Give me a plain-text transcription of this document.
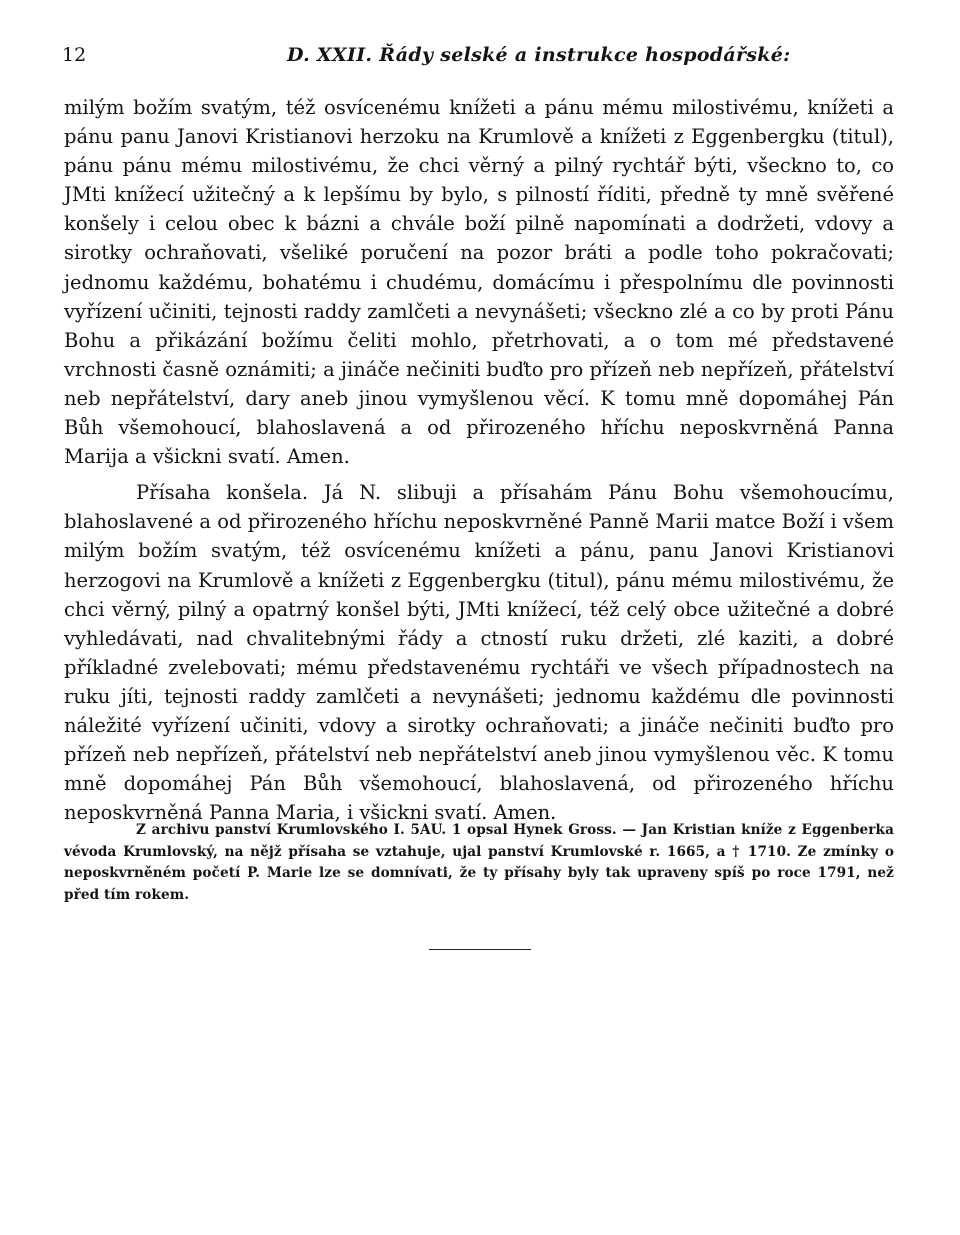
12	D. XXII. Řády selské a instrukce hospodářské:

milým božím svatým, též osvícenému knížeti a pánu mému milostivému, knížeti a pánu panu Janovi Kristianovi herzoku na Krumlově a knížeti z Eggenbergku (titul), pánu pánu mému milostivému, že chci věrný a pilný rychtář býti, všeckno to, co JMti knížecí užitečný a k lepšímu by bylo, s pilností říditi, předně ty mně svěřené konšely i celou obec k bázni a chvále boží pilně napomínati a dodržeti, vdovy a sirotky ochraňovati, všeliké poručení na pozor bráti a podle toho pokračovati; jednomu každému, bohatému i chudému, domácímu i přespolnímu dle povinnosti vyřízení učiniti, tejnosti raddy zamlčeti a nevynášeti; všeckno zlé a co by proti Pánu Bohu a přikázání božímu čeliti mohlo, přetrhovati, a o tom mé představené vrchnosti časně oznámiti; a jináče nečiniti buďto pro přízeň neb nepřízeň, přátelství neb nepřátelství, dary aneb jinou vymyšlenou věcí. K tomu mně dopomáhej Pán Bůh všemohoucí, blahoslavená a od přirozeného hříchu neposkvrněná Panna Marija a všickni svatí. Amen.

Přísaha konšela. Já N. slibuji a přísahám Pánu Bohu všemohoucímu, blahoslavené a od přirozeného hříchu neposkvrněné Panně Marii matce Boží i všem milým božím svatým, též osvícenému knížeti a pánu, panu Janovi Kristianovi herzogovi na Krumlově a knížeti z Eggenbergku (titul), pánu mému milostivému, že chci věrný, pilný a opatrný konšel býti, JMti knížecí, též celý obce užitečné a dobré vyhledávati, nad chvalitebnými řády a ctností ruku držeti, zlé kaziti, a dobré příkladné zvelebovati; mému představenému rychtáři ve všech případnostech na ruku jíti, tejnosti raddy zamlčeti a nevynášeti; jednomu každému dle povinnosti náležité vyřízení učiniti, vdovy a sirotky ochraňovati; a jináče nečiniti buďto pro přízeň neb nepřízeň, přátelství neb nepřátelství aneb jinou vymyšlenou věc. K tomu mně dopomáhej Pán Bůh všemohoucí, blahoslavená, od přirozeného hříchu neposkvrněná Panna Maria, i všickni svatí. Amen.

Z archivu panství Krumlovského I. 5AU. 1 opsal Hynek Gross. — Jan Kristian kníže z Eggenberka vévoda Krumlovský, na nějž přísaha se vztahuje, ujal panství Krumlovské r. 1665, a † 1710. Ze zmínky o neposkvrněném početí P. Marie lze se domnívati, že ty přísahy byly tak upraveny spíš po roce 1791, než před tím rokem.
